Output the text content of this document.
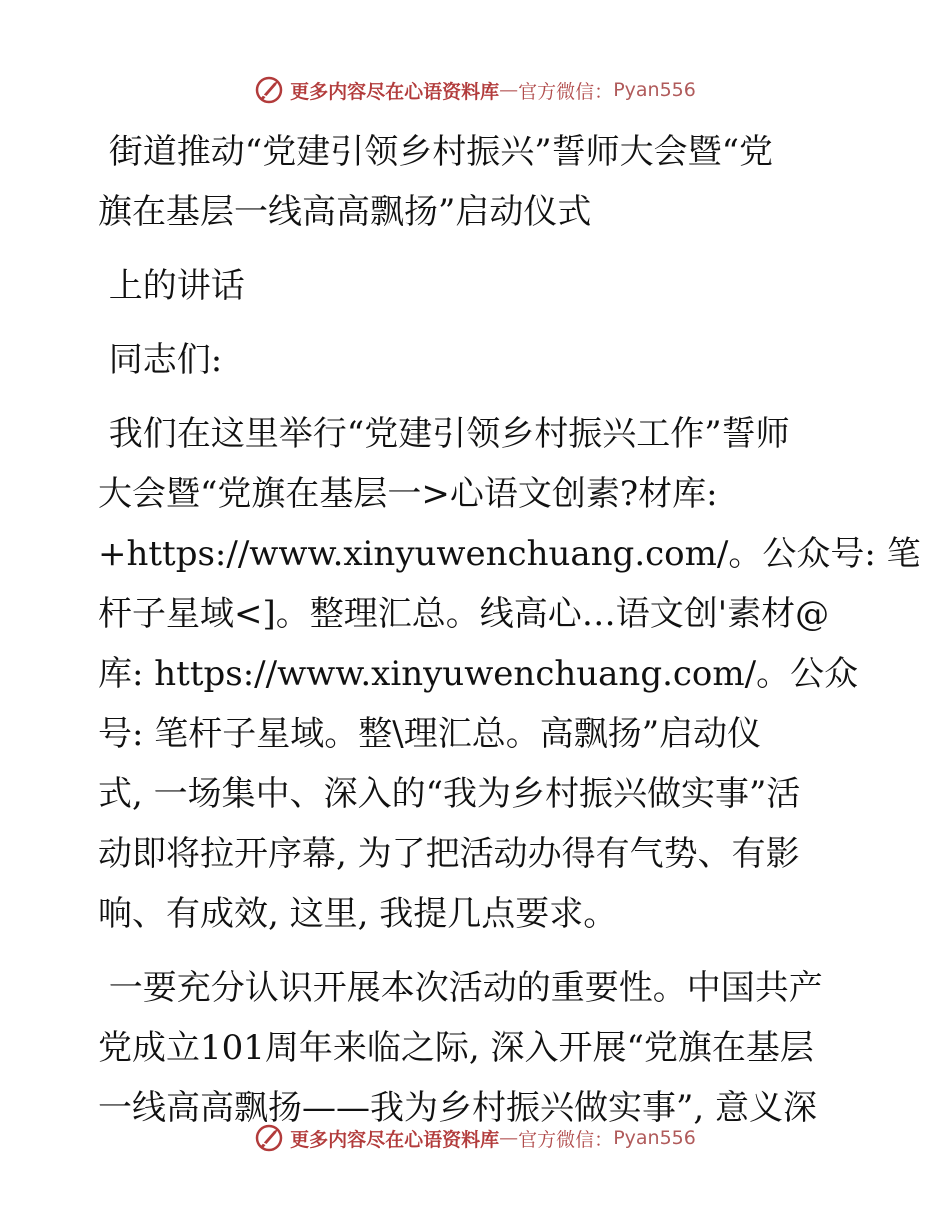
更多内容尽在心语资料库 — 官方微信： Pyan556

街道推动“党建引领乡村振兴”誓师大会暨“党

旗在基层一线高高飘扬”启动仪式

上的讲话

同志们:

我们在这里举行“党建引领乡村振兴工作”誓师

大会暨“党旗在基层一>心语文创素?材库:

+https://www.xinyuwenchuang.com/。公众号: 笔

杆子星域<]。整理汇总。线高心…语文创'素材@

库: https://www.xinyuwenchuang.com/。公众

号: 笔杆子星域。整\理汇总。高飘扬”启动仪

式, 一场集中、深入的“我为乡村振兴做实事”活

动即将拉开序幕, 为了把活动办得有气势、有影

响、有成效, 这里, 我提几点要求。

一要充分认识开展本次活动的重要性。中国共产

党成立101周年来临之际, 深入开展“党旗在基层

一线高高飘扬——我为乡村振兴做实事”, 意义深

更多内容尽在心语资料库 — 官方微信： Pyan556
